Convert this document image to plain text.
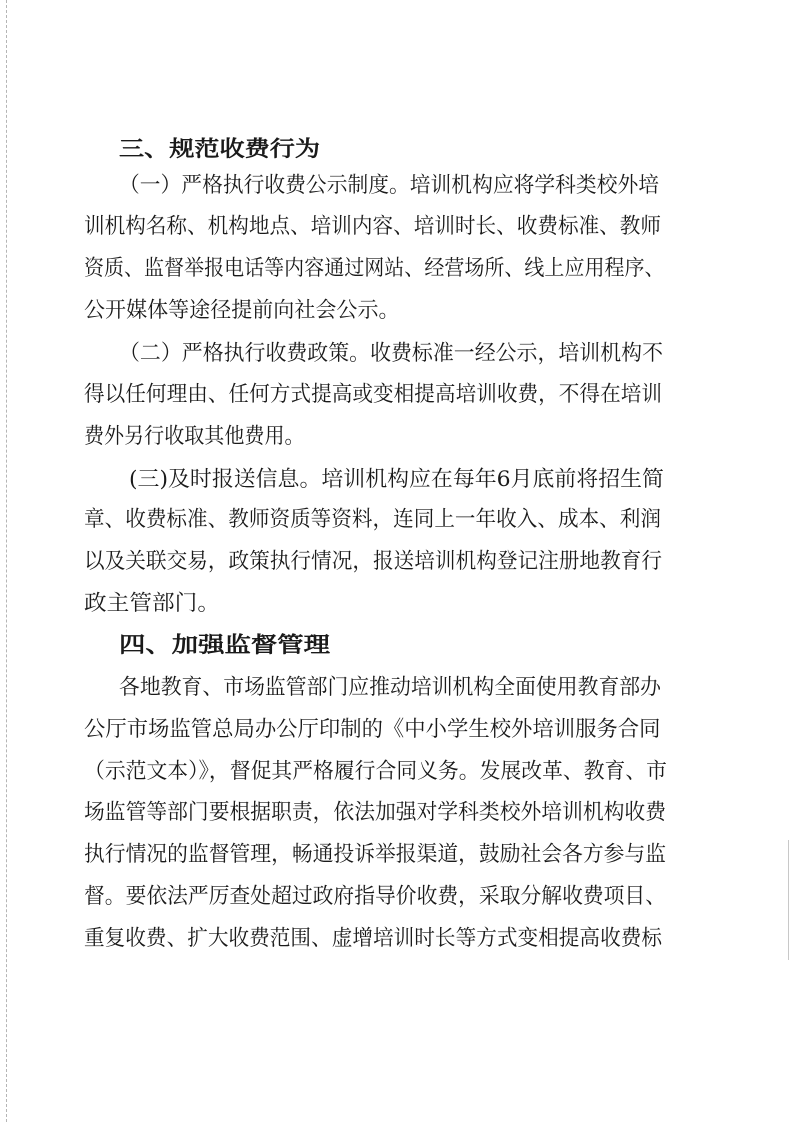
三、规范收费行为
（一）严格执行收费公示制度。培训机构应将学科类校外培
训机构名称、机构地点、培训内容、培训时长、收费标准、教师
资质、监督举报电话等内容通过网站、经营场所、线上应用程序、
公开媒体等途径提前向社会公示。
（二）严格执行收费政策。收费标准一经公示，培训机构不
得以任何理由、任何方式提高或变相提高培训收费，不得在培训
费外另行收取其他费用。
(三)及时报送信息。培训机构应在每年6月底前将招生简
章、收费标准、教师资质等资料，连同上一年收入、成本、利润
以及关联交易，政策执行情况，报送培训机构登记注册地教育行
政主管部门。
四、加强监督管理
各地教育、市场监管部门应推动培训机构全面使用教育部办
公厅市场监管总局办公厅印制的《中小学生校外培训服务合同
（示范文本）》，督促其严格履行合同义务。发展改革、教育、市
场监管等部门要根据职责，依法加强对学科类校外培训机构收费
执行情况的监督管理，畅通投诉举报渠道，鼓励社会各方参与监
督。要依法严厉查处超过政府指导价收费，采取分解收费项目、
重复收费、扩大收费范围、虚增培训时长等方式变相提高收费标
